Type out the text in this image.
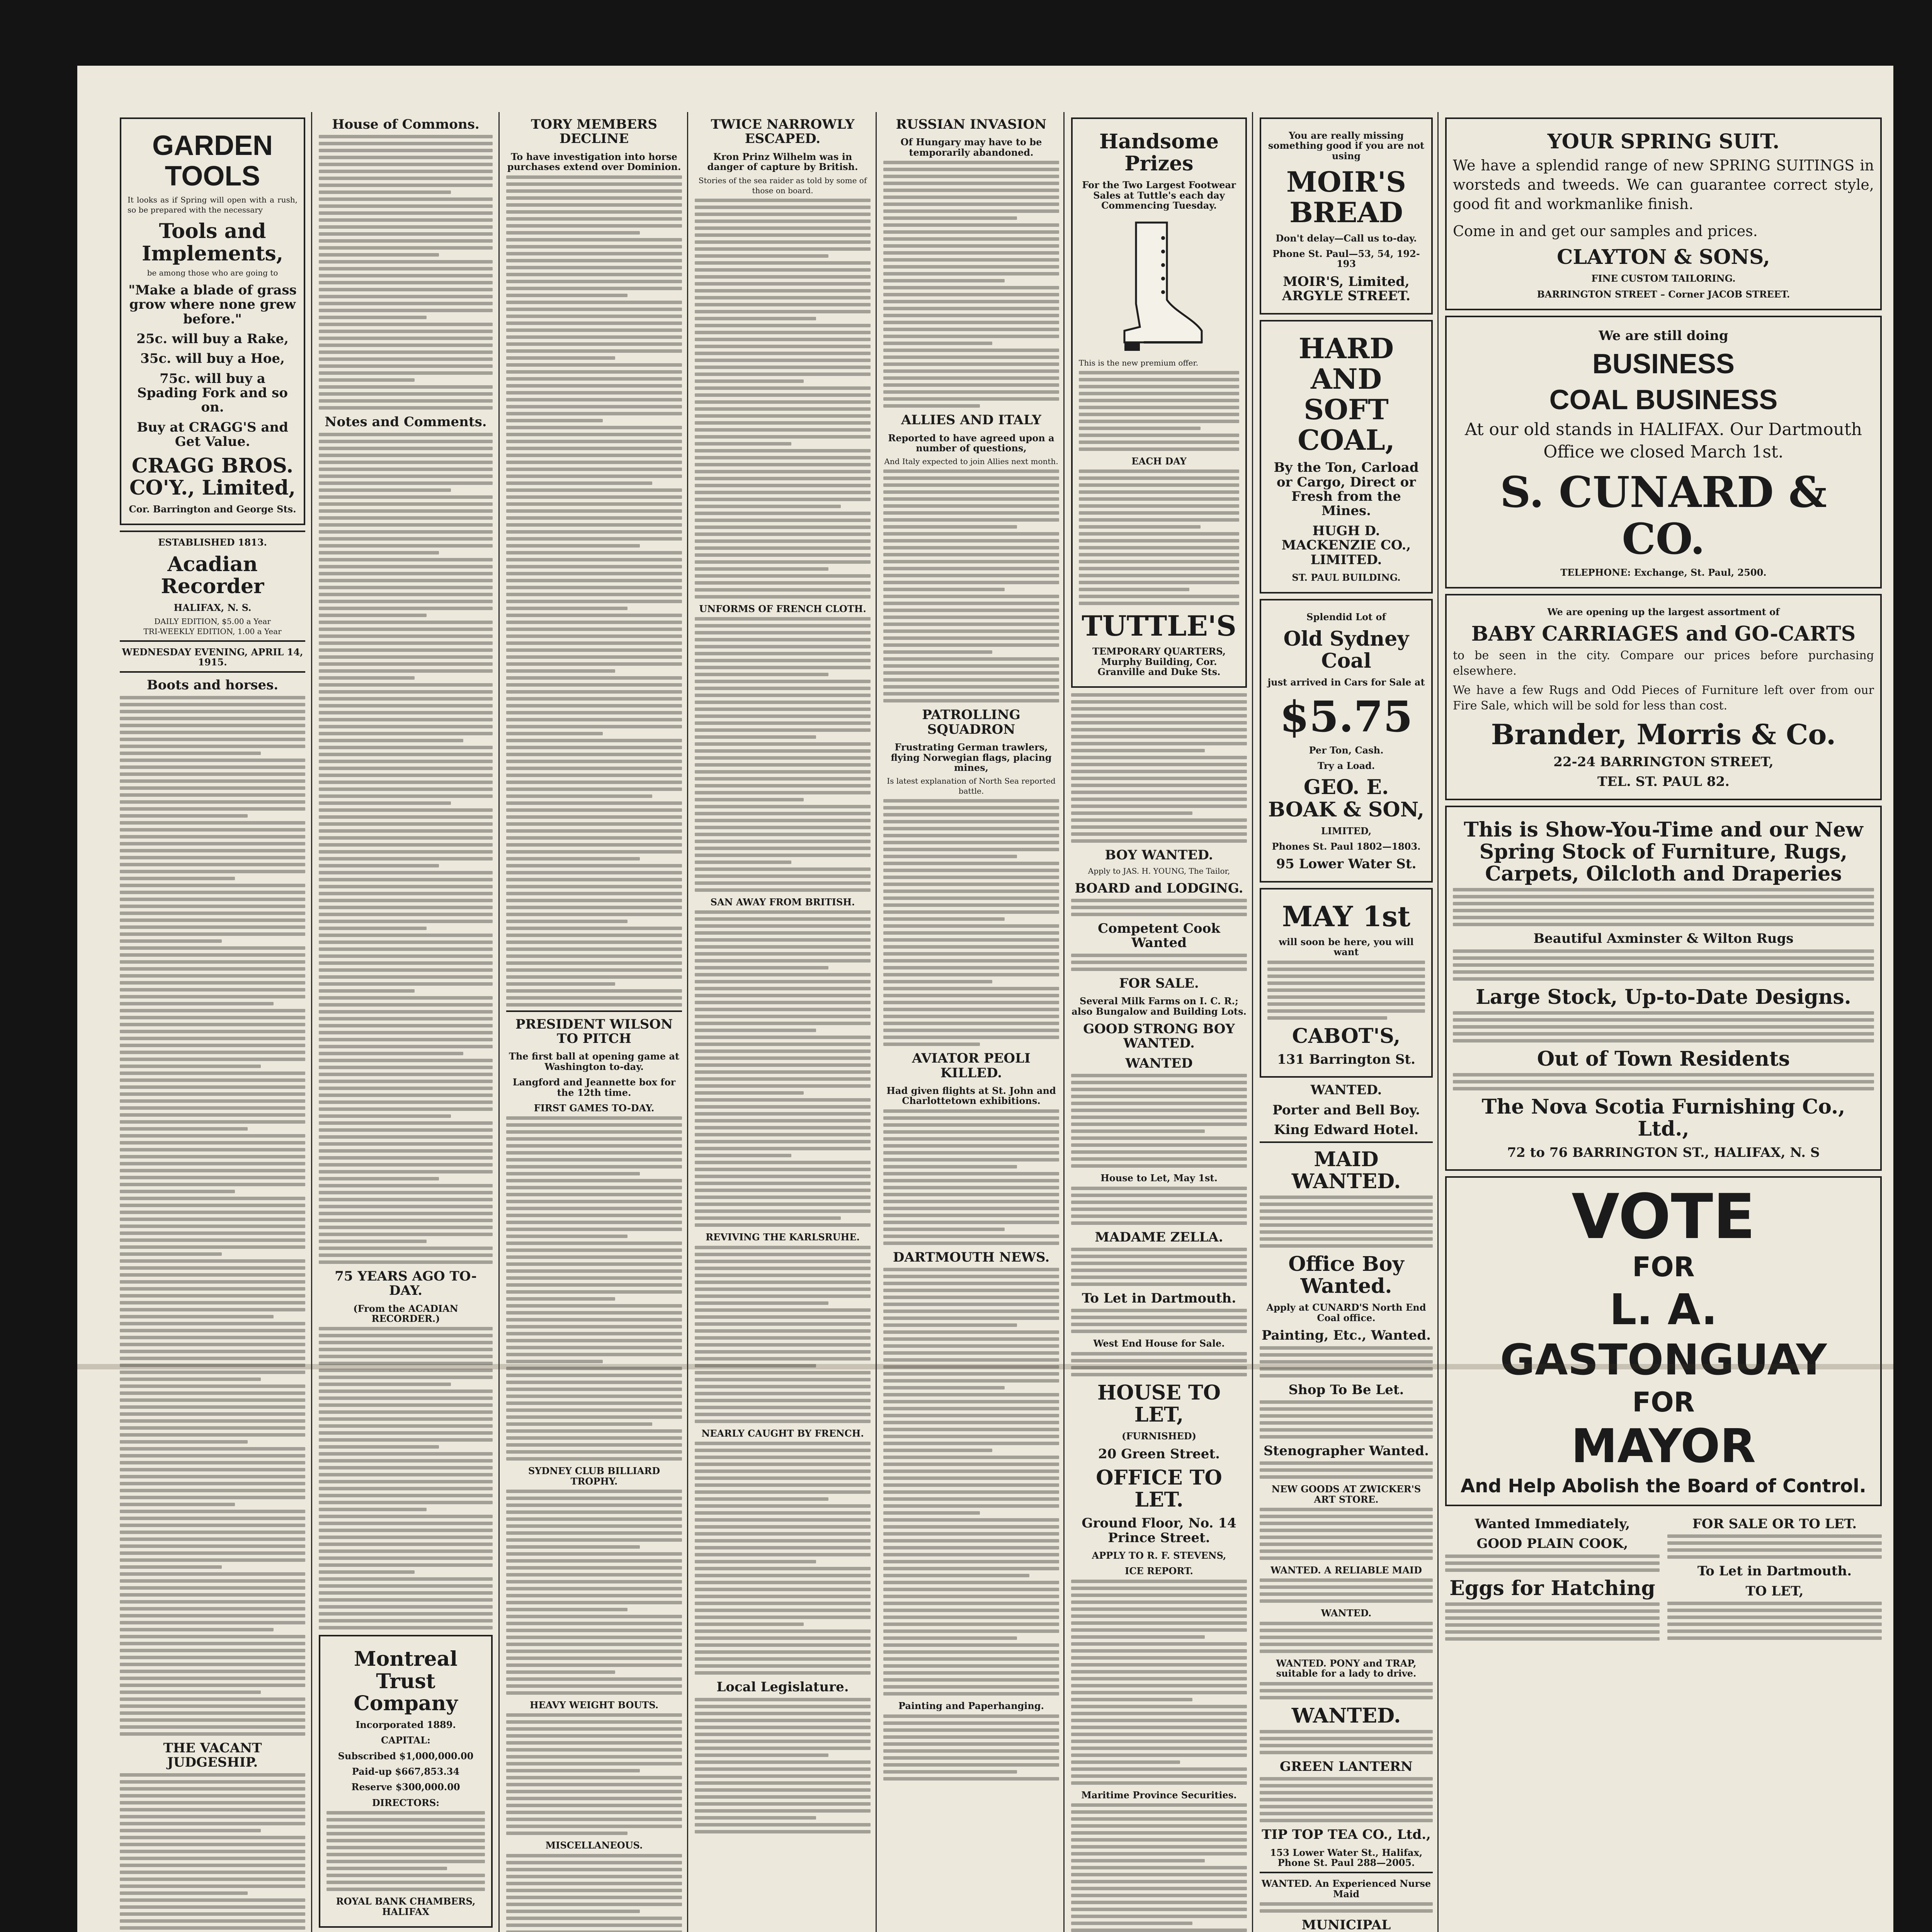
GARDEN TOOLS
It looks as if Spring will open with a rush, so be prepared with the necessary
Tools and Implements,
be among those who are going to
"Make a blade of grass grow where none grew before."
25c. will buy a Rake,
35c. will buy a Hoe,
75c. will buy a Spading Fork and so on.
Buy at CRAGG'S and Get Value.
CRAGG BROS. CO'Y., Limited,
Cor. Barrington and George Sts.
ESTABLISHED 1813.
Acadian Recorder
HALIFAX, N. S.
DAILY EDITION, $5.00 a Year
TRI-WEEKLY EDITION, 1.00 a Year
WEDNESDAY EVENING, APRIL 14, 1915.
Boots and horses.
THE VACANT JUDGESHIP.
House of Commons.
Notes and Comments.
75 YEARS AGO TO-DAY.
(From the ACADIAN RECORDER.)
Montreal Trust Company
Incorporated 1889.
CAPITAL:
Subscribed $1,000,000.00
Paid-up $667,853.34
Reserve $300,000.00
DIRECTORS:
ROYAL BANK CHAMBERS, HALIFAX
TORY MEMBERS DECLINE
To have investigation into horse purchases extend over Dominion.
PRESIDENT WILSON TO PITCH
The first ball at opening game at Washington to-day.
Langford and Jeannette box for the 12th time.
FIRST GAMES TO-DAY.
SYDNEY CLUB BILLIARD TROPHY.
HEAVY WEIGHT BOUTS.
MISCELLANEOUS.
TWICE NARROWLY ESCAPED.
Kron Prinz Wilhelm was in danger of capture by British.
Stories of the sea raider as told by some of those on board.
UNFORMS OF FRENCH CLOTH.
SAN AWAY FROM BRITISH.
REVIVING THE KARLSRUHE.
NEARLY CAUGHT BY FRENCH.
Local Legislature.
RUSSIAN INVASION
Of Hungary may have to be temporarily abandoned.
ALLIES AND ITALY
Reported to have agreed upon a number of questions,
And Italy expected to join Allies next month.
PATROLLING SQUADRON
Frustrating German trawlers, flying Norwegian flags, placing mines,
Is latest explanation of North Sea reported battle.
AVIATOR PEOLI KILLED.
Had given flights at St. John and Charlottetown exhibitions.
DARTMOUTH NEWS.
Painting and Paperhanging.
Handsome Prizes
For the Two Largest Footwear Sales at Tuttle's each day Commencing Tuesday.
This is the new premium offer.
EACH DAY
TUTTLE'S
TEMPORARY QUARTERS, Murphy Building, Cor. Granville and Duke Sts.
BOY WANTED.
Apply to JAS. H. YOUNG, The Tailor,
BOARD and LODGING.
Competent Cook Wanted
FOR SALE.
Several Milk Farms on I. C. R.; also Bungalow and Building Lots.
GOOD STRONG BOY WANTED.
WANTED
House to Let, May 1st.
MADAME ZELLA.
To Let in Dartmouth.
West End House for Sale.
HOUSE TO LET,
(FURNISHED)
20 Green Street.
OFFICE TO LET.
Ground Floor, No. 14 Prince Street.
APPLY TO R. F. STEVENS,
ICE REPORT.
Maritime Province Securities.
You are really missing something good if you are not using
MOIR'S BREAD
Don't delay—Call us to-day.
Phone St. Paul—53, 54, 192-193
MOIR'S, Limited, ARGYLE STREET.
HARD AND SOFT COAL,
By the Ton, Carload or Cargo, Direct or Fresh from the Mines.
HUGH D. MACKENZIE CO., LIMITED.
ST. PAUL BUILDING.
Splendid Lot of
Old Sydney Coal
just arrived in Cars for Sale at
$5.75
Per Ton, Cash.
Try a Load.
GEO. E. BOAK & SON,
LIMITED,
Phones St. Paul 1802—1803.
95 Lower Water St.
MAY 1st
will soon be here, you will want
CABOT'S,
131 Barrington St.
WANTED.
Porter and Bell Boy.
King Edward Hotel.
MAID WANTED.
Office Boy Wanted.
Apply at CUNARD'S North End Coal office.
Painting, Etc., Wanted.
Shop To Be Let.
Stenographer Wanted.
NEW GOODS AT ZWICKER'S ART STORE.
WANTED. A RELIABLE MAID
WANTED.
WANTED. PONY and TRAP, suitable for a lady to drive.
WANTED.
GREEN LANTERN
TIP TOP TEA CO., Ltd.,
153 Lower Water St., Halifax, Phone St. Paul 288—2005.
WANTED. An Experienced Nurse Maid
MUNICIPAL
YOUR SPRING SUIT.
We have a splendid range of new SPRING SUITINGS in worsteds and tweeds. We can guarantee correct style, good fit and workmanlike finish.
Come in and get our samples and prices.
CLAYTON & SONS,
FINE CUSTOM TAILORING.
BARRINGTON STREET – Corner JACOB STREET.
We are still doing
BUSINESS
COAL BUSINESS
At our old stands in HALIFAX. Our Dartmouth Office we closed March 1st.
S. CUNARD & CO.
TELEPHONE: Exchange, St. Paul, 2500.
We are opening up the largest assortment of
BABY CARRIAGES and GO-CARTS
to be seen in the city. Compare our prices before purchasing elsewhere.
We have a few Rugs and Odd Pieces of Furniture left over from our Fire Sale, which will be sold for less than cost.
Brander, Morris & Co.
22-24 BARRINGTON STREET,
TEL. ST. PAUL 82.
This is Show-You-Time and our New Spring Stock of Furniture, Rugs, Carpets, Oilcloth and Draperies
Beautiful Axminster & Wilton Rugs
Large Stock, Up-to-Date Designs.
Out of Town Residents
The Nova Scotia Furnishing Co., Ltd.,
72 to 76 BARRINGTON ST., HALIFAX, N. S
VOTE
FOR
L. A. GASTONGUAY
FOR
MAYOR
And Help Abolish the Board of Control.
Wanted Immediately,
GOOD PLAIN COOK,
Eggs for Hatching
FOR SALE OR TO LET.
To Let in Dartmouth.
TO LET,
